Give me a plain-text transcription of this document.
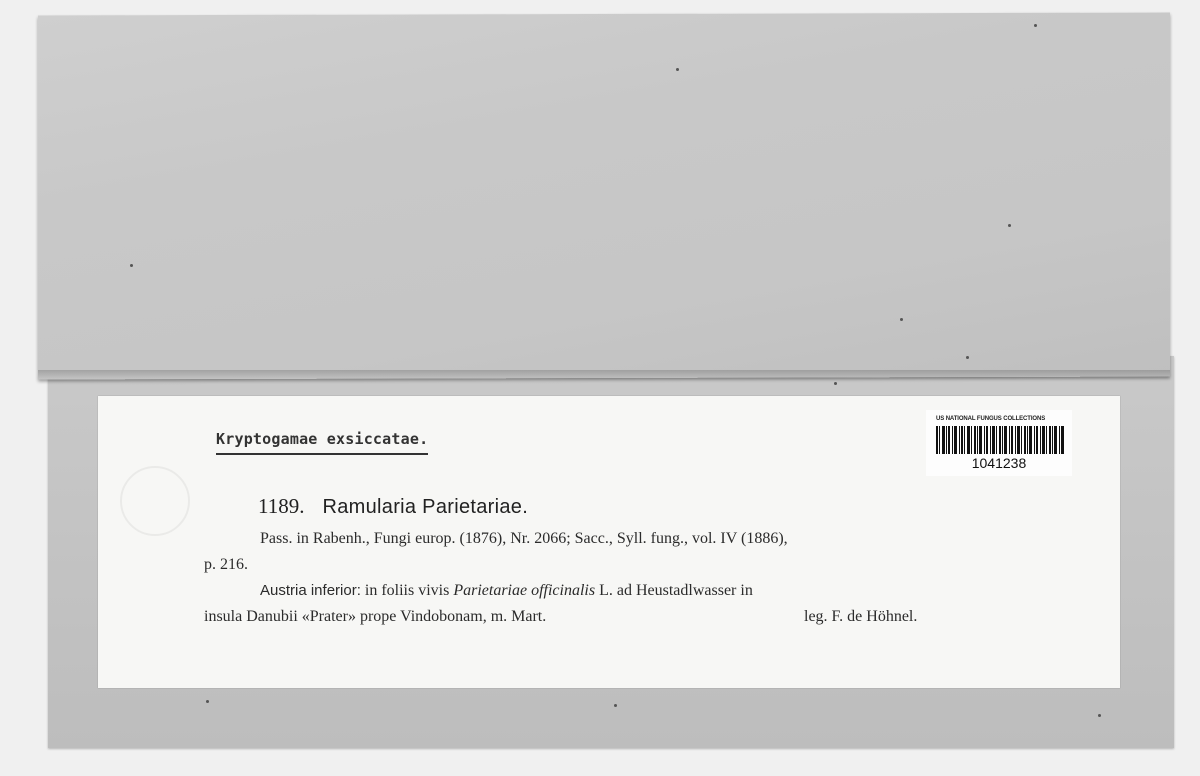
Kryptogamae exsiccatae.
US NATIONAL FUNGUS COLLECTIONS
1041238
1189. Ramularia Parietariae.
Pass. in Rabenh., Fungi europ. (1876), Nr. 2066; Sacc., Syll. fung., vol. IV (1886),
p. 216.
Austria inferior: in foliis vivis Parietariae officinalis L. ad Heustadlwasser in
insula Danubii «Prater» prope Vindobonam, m. Mart.	leg. F. de Höhnel.
